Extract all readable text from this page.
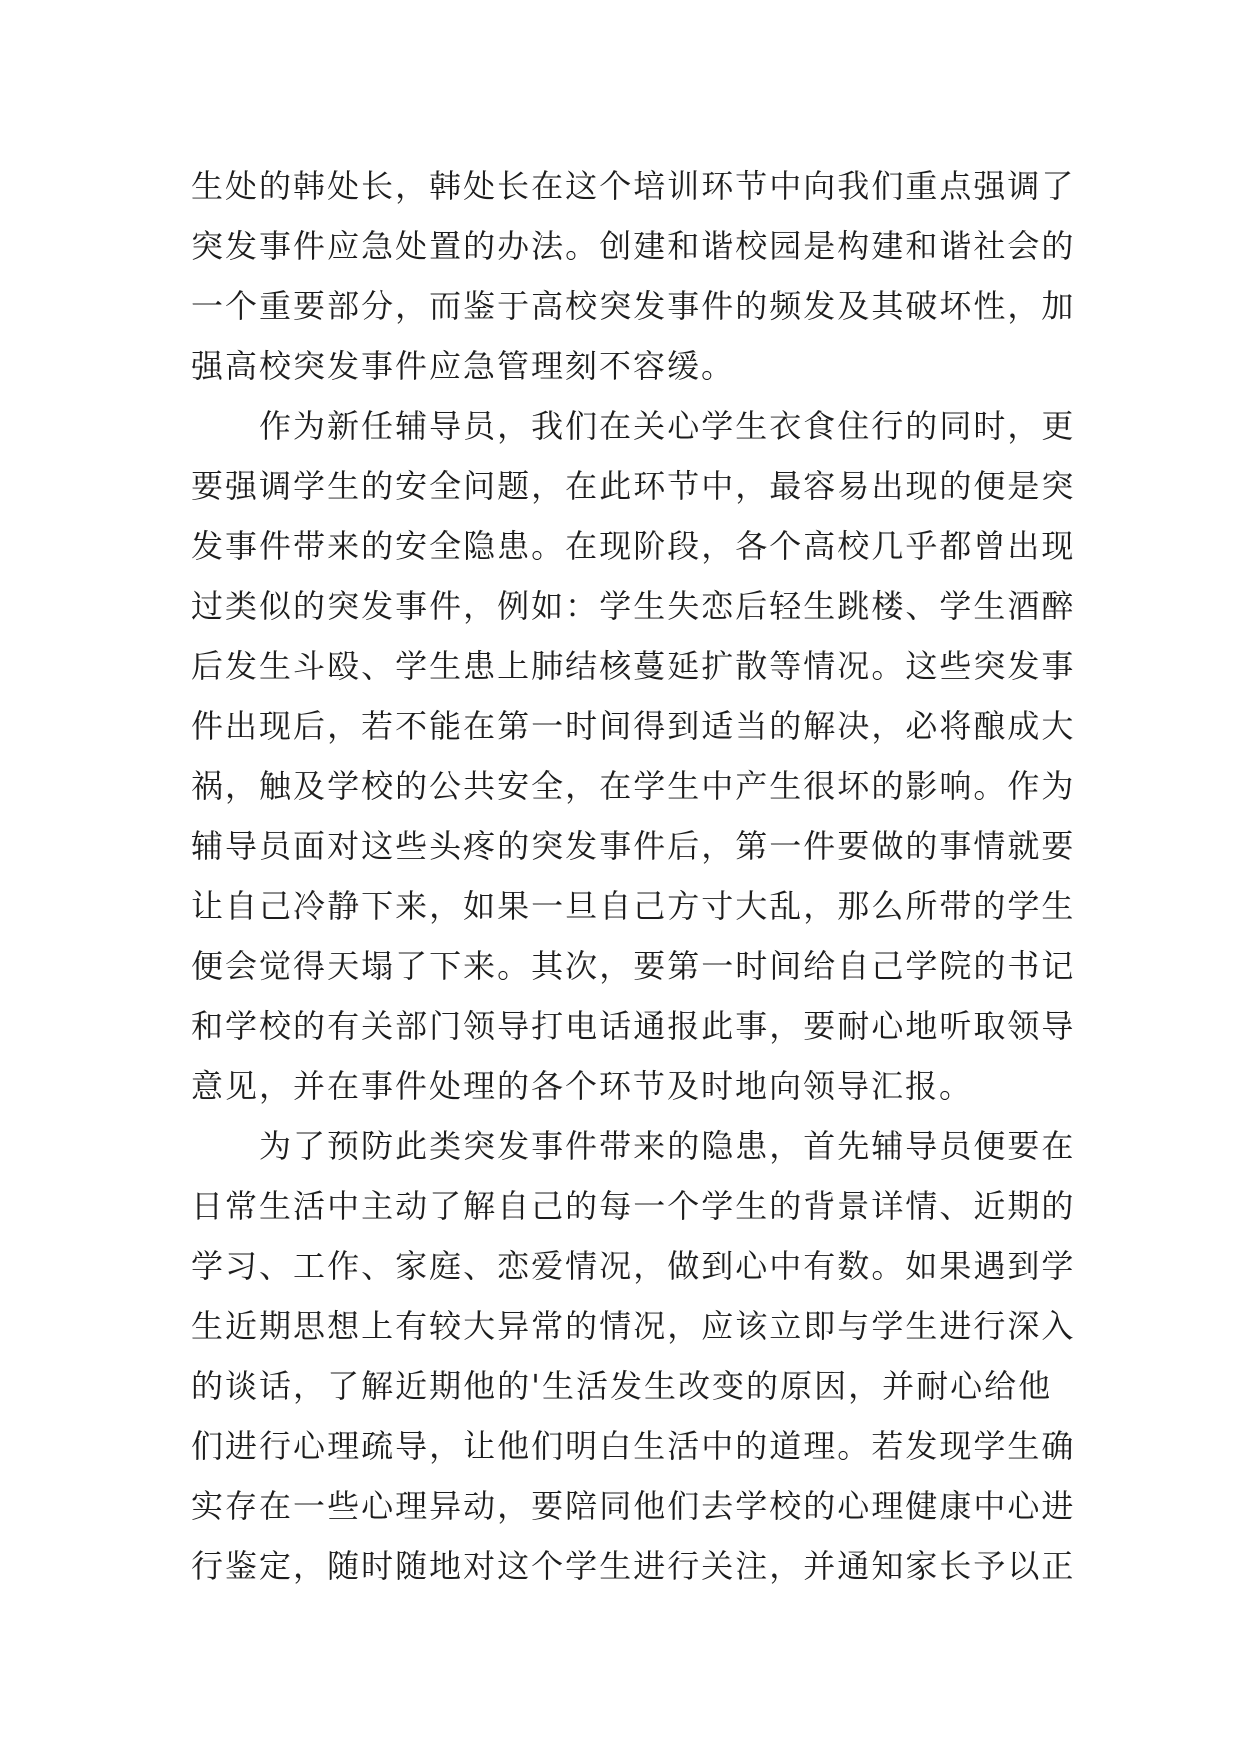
生 处 的 韩 处 长 ， 韩 处 长 在 这 个 培 训 环 节 中 向 我 们 重 点 强 调 了
突 发 事 件 应 急 处 置 的 办 法 。 创 建 和 谐 校 园 是 构 建 和 谐 社 会 的
一 个 重 要 部 分 ， 而 鉴 于 高 校 突 发 事 件 的 频 发 及 其 破 坏 性 ， 加
强高校突发事件应急管理刻不容缓。
作 为 新 任 辅 导 员 ， 我 们 在 关 心 学 生 衣 食 住 行 的 同 时 ， 更
要 强 调 学 生 的 安 全 问 题 ， 在 此 环 节 中 ， 最 容 易 出 现 的 便 是 突
发 事 件 带 来 的 安 全 隐 患 。 在 现 阶 段 ， 各 个 高 校 几 乎 都 曾 出 现
过 类 似 的 突 发 事 件 ， 例 如 ： 学 生 失 恋 后 轻 生 跳 楼 、 学 生 酒 醉
后 发 生 斗 殴 、 学 生 患 上 肺 结 核 蔓 延 扩 散 等 情 况 。 这 些 突 发 事
件 出 现 后 ， 若 不 能 在 第 一 时 间 得 到 适 当 的 解 决 ， 必 将 酿 成 大
祸 ， 触 及 学 校 的 公 共 安 全 ， 在 学 生 中 产 生 很 坏 的 影 响 。 作 为
辅 导 员 面 对 这 些 头 疼 的 突 发 事 件 后 ， 第 一 件 要 做 的 事 情 就 要
让 自 己 冷 静 下 来 ， 如 果 一 旦 自 己 方 寸 大 乱 ， 那 么 所 带 的 学 生
便 会 觉 得 天 塌 了 下 来 。 其 次 ， 要 第 一 时 间 给 自 己 学 院 的 书 记
和 学 校 的 有 关 部 门 领 导 打 电 话 通 报 此 事 ， 要 耐 心 地 听 取 领 导
意见，并在事件处理的各个环节及时地向领导汇报。
为 了 预 防 此 类 突 发 事 件 带 来 的 隐 患 ， 首 先 辅 导 员 便 要 在
日 常 生 活 中 主 动 了 解 自 己 的 每 一 个 学 生 的 背 景 详 情 、 近 期 的
学 习 、 工 作 、 家 庭 、 恋 爱 情 况 ， 做 到 心 中 有 数 。 如 果 遇 到 学
生 近 期 思 想 上 有 较 大 异 常 的 情 况 ， 应 该 立 即 与 学 生 进 行 深 入
的 谈 话 ， 了 解 近 期 他 的 ' 生 活 发 生 改 变 的 原 因 ， 并 耐 心 给 他
们 进 行 心 理 疏 导 ， 让 他 们 明 白 生 活 中 的 道 理 。 若 发 现 学 生 确
实 存 在 一 些 心 理 异 动 ， 要 陪 同 他 们 去 学 校 的 心 理 健 康 中 心 进
行 鉴 定 ， 随 时 随 地 对 这 个 学 生 进 行 关 注 ， 并 通 知 家 长 予 以 正
